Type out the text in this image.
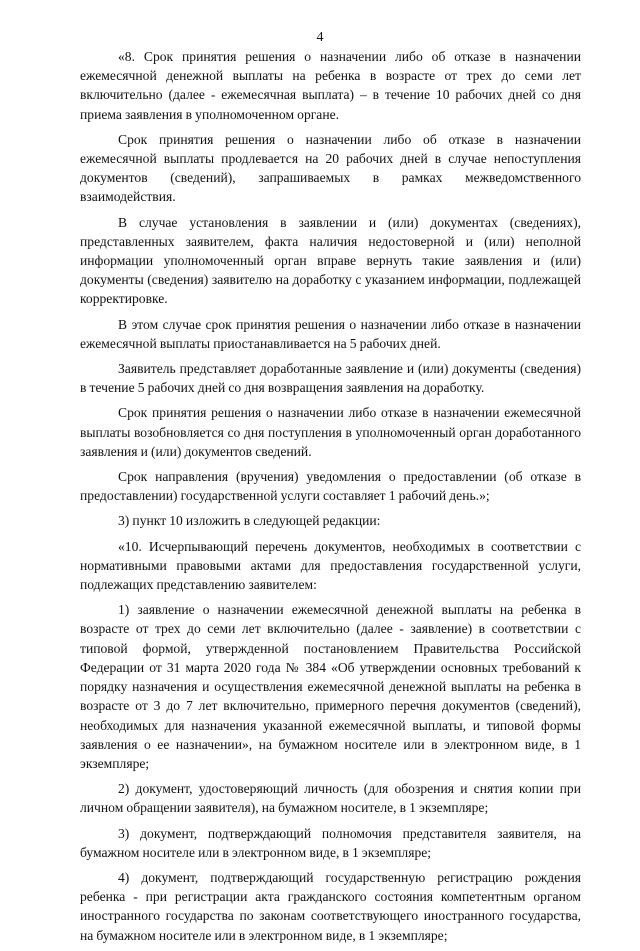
4

«8. Срок принятия решения о назначении либо об отказе в назначении ежемесячной денежной выплаты на ребенка в возрасте от трех до семи лет включительно (далее - ежемесячная выплата) – в течение 10 рабочих дней со дня приема заявления в уполномоченном органе.

Срок принятия решения о назначении либо об отказе в назначении ежемесячной выплаты продлевается на 20 рабочих дней в случае непоступления документов (сведений), запрашиваемых в рамках межведомственного взаимодействия.

В случае установления в заявлении и (или) документах (сведениях), представленных заявителем, факта наличия недостоверной и (или) неполной информации уполномоченный орган вправе вернуть такие заявления и (или) документы (сведения) заявителю на доработку с указанием информации, подлежащей корректировке.

В этом случае срок принятия решения о назначении либо отказе в назначении ежемесячной выплаты приостанавливается на 5 рабочих дней.

Заявитель представляет доработанные заявление и (или) документы (сведения) в течение 5 рабочих дней со дня возвращения заявления на доработку.

Срок принятия решения о назначении либо отказе в назначении ежемесячной выплаты возобновляется со дня поступления в уполномоченный орган доработанного заявления и (или) документов сведений.

Срок направления (вручения) уведомления о предоставлении (об отказе в предоставлении) государственной услуги составляет 1 рабочий день.»;

3) пункт 10 изложить в следующей редакции:

«10. Исчерпывающий перечень документов, необходимых в соответствии с нормативными правовыми актами для предоставления государственной услуги, подлежащих представлению заявителем:

1) заявление о назначении ежемесячной денежной выплаты на ребенка в возрасте от трех до семи лет включительно (далее - заявление) в соответствии с типовой формой, утвержденной постановлением Правительства Российской Федерации от 31 марта 2020 года № 384 «Об утверждении основных требований к порядку назначения и осуществления ежемесячной денежной выплаты на ребенка в возрасте от 3 до 7 лет включительно, примерного перечня документов (сведений), необходимых для назначения указанной ежемесячной выплаты, и типовой формы заявления о ее назначении», на бумажном носителе или в электронном виде, в 1 экземпляре;

2) документ, удостоверяющий личность (для обозрения и снятия копии при личном обращении заявителя), на бумажном носителе, в 1 экземпляре;

3) документ, подтверждающий полномочия представителя заявителя, на бумажном носителе или в электронном виде, в 1 экземпляре;

4) документ, подтверждающий государственную регистрацию рождения ребенка - при регистрации акта гражданского состояния компетентным органом иностранного государства по законам соответствующего иностранного государства, на бумажном носителе или в электронном виде, в 1 экземпляре;
